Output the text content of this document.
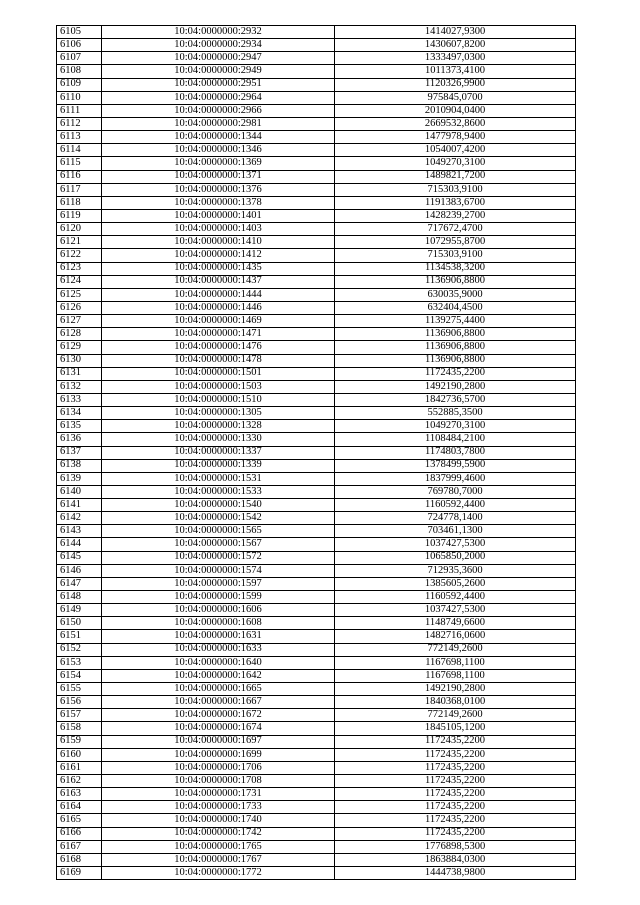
6105	10:04:0000000:2932	1414027,9300
6106	10:04:0000000:2934	1430607,8200
6107	10:04:0000000:2947	1333497,0300
6108	10:04:0000000:2949	1011373,4100
6109	10:04:0000000:2951	1120326,9900
6110	10:04:0000000:2964	975845,0700
6111	10:04:0000000:2966	2010904,0400
6112	10:04:0000000:2981	2669532,8600
6113	10:04:0000000:1344	1477978,9400
6114	10:04:0000000:1346	1054007,4200
6115	10:04:0000000:1369	1049270,3100
6116	10:04:0000000:1371	1489821,7200
6117	10:04:0000000:1376	715303,9100
6118	10:04:0000000:1378	1191383,6700
6119	10:04:0000000:1401	1428239,2700
6120	10:04:0000000:1403	717672,4700
6121	10:04:0000000:1410	1072955,8700
6122	10:04:0000000:1412	715303,9100
6123	10:04:0000000:1435	1134538,3200
6124	10:04:0000000:1437	1136906,8800
6125	10:04:0000000:1444	630035,9000
6126	10:04:0000000:1446	632404,4500
6127	10:04:0000000:1469	1139275,4400
6128	10:04:0000000:1471	1136906,8800
6129	10:04:0000000:1476	1136906,8800
6130	10:04:0000000:1478	1136906,8800
6131	10:04:0000000:1501	1172435,2200
6132	10:04:0000000:1503	1492190,2800
6133	10:04:0000000:1510	1842736,5700
6134	10:04:0000000:1305	552885,3500
6135	10:04:0000000:1328	1049270,3100
6136	10:04:0000000:1330	1108484,2100
6137	10:04:0000000:1337	1174803,7800
6138	10:04:0000000:1339	1378499,5900
6139	10:04:0000000:1531	1837999,4600
6140	10:04:0000000:1533	769780,7000
6141	10:04:0000000:1540	1160592,4400
6142	10:04:0000000:1542	724778,1400
6143	10:04:0000000:1565	703461,1300
6144	10:04:0000000:1567	1037427,5300
6145	10:04:0000000:1572	1065850,2000
6146	10:04:0000000:1574	712935,3600
6147	10:04:0000000:1597	1385605,2600
6148	10:04:0000000:1599	1160592,4400
6149	10:04:0000000:1606	1037427,5300
6150	10:04:0000000:1608	1148749,6600
6151	10:04:0000000:1631	1482716,0600
6152	10:04:0000000:1633	772149,2600
6153	10:04:0000000:1640	1167698,1100
6154	10:04:0000000:1642	1167698,1100
6155	10:04:0000000:1665	1492190,2800
6156	10:04:0000000:1667	1840368,0100
6157	10:04:0000000:1672	772149,2600
6158	10:04:0000000:1674	1845105,1200
6159	10:04:0000000:1697	1172435,2200
6160	10:04:0000000:1699	1172435,2200
6161	10:04:0000000:1706	1172435,2200
6162	10:04:0000000:1708	1172435,2200
6163	10:04:0000000:1731	1172435,2200
6164	10:04:0000000:1733	1172435,2200
6165	10:04:0000000:1740	1172435,2200
6166	10:04:0000000:1742	1172435,2200
6167	10:04:0000000:1765	1776898,5300
6168	10:04:0000000:1767	1863884,0300
6169	10:04:0000000:1772	1444738,9800
